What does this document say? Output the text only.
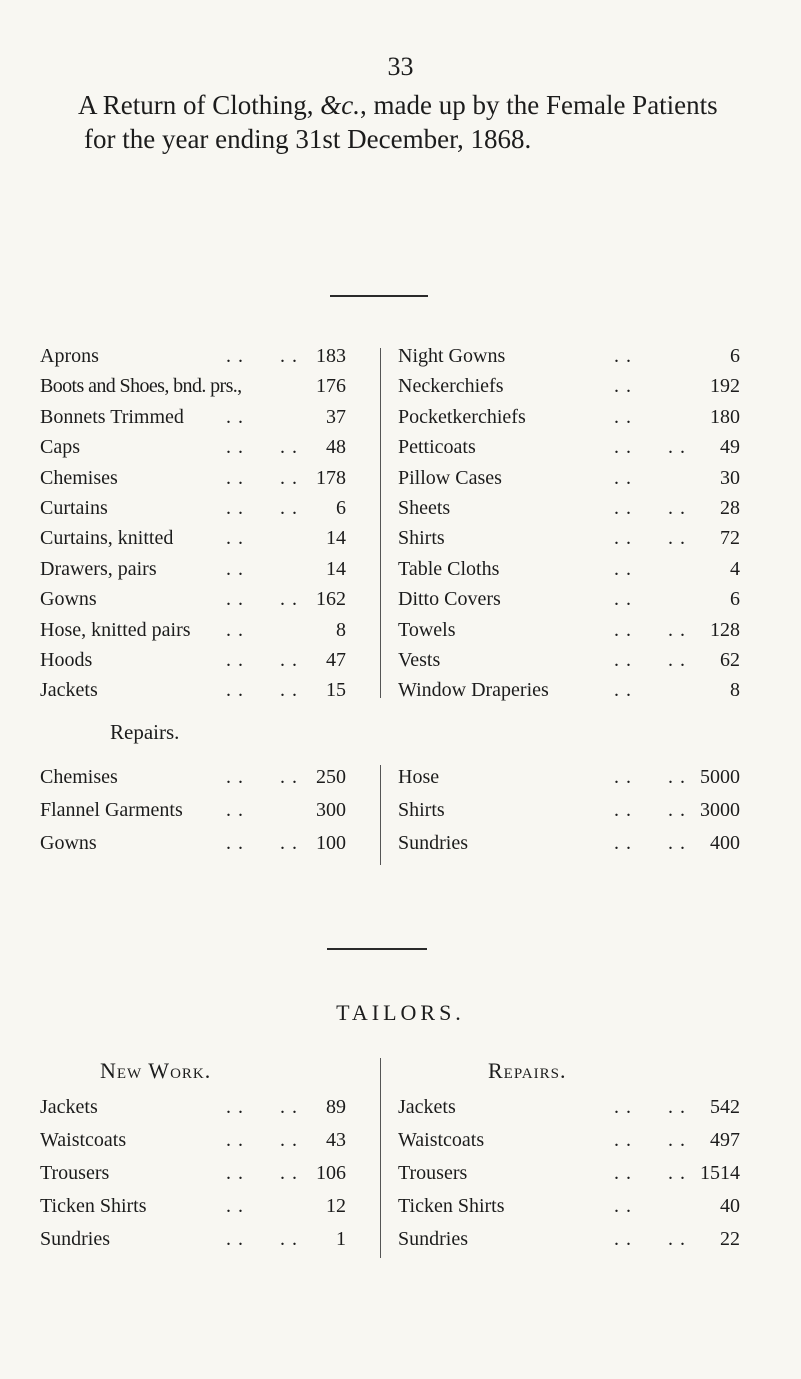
33
A Return of Clothing, &c., made up by the Female Patients
for the year ending 31st December, 1868.
Aprons	. .      . . 183
Boots and Shoes, bnd. prs.,	176
Bonnets Trimmed . .	37
Caps	. .      . .	48
Chemises	. .      . . 178
Curtains	. .      . .	6
Curtains, knitted	. .	14
Drawers, pairs	. .	14
Gowns	. .      . . 162
Hose, knitted pairs . .	8
Hoods	. .      . .	47
Jackets	. .      . .	15
Night Gowns	. .	6
Neckerchiefs	. .	192
Pocketkerchiefs	. .	180
Petticoats	. .      . .	49
Pillow Cases	. .	30
Sheets	. .      . .	28
Shirts	. .      . .	72
Table Cloths	. .	4
Ditto Covers	. .	6
Towels	. .      . .	128
Vests	. .      . .	62
Window Draperies	. .	8
Repairs.
Chemises	. .      . . 250
Flannel Garments . .	300
Gowns	. .      . . 100
Hose	. .      . . 5000
Shirts	. .      . . 3000
Sundries	. .      . .	400
TAILORS.
New Work.	Repairs.
Jackets	. .      . .	89
Waistcoats	. .      . .	43
Trousers	. .      . . 106
Ticken Shirts	. .	12
Sundries	. .      . .	1
Jackets	. .      . .	542
Waistcoats	. .      . .	497
Trousers	. .      . . 1514
Ticken Shirts	. .	40
Sundries	. .      . .	22
